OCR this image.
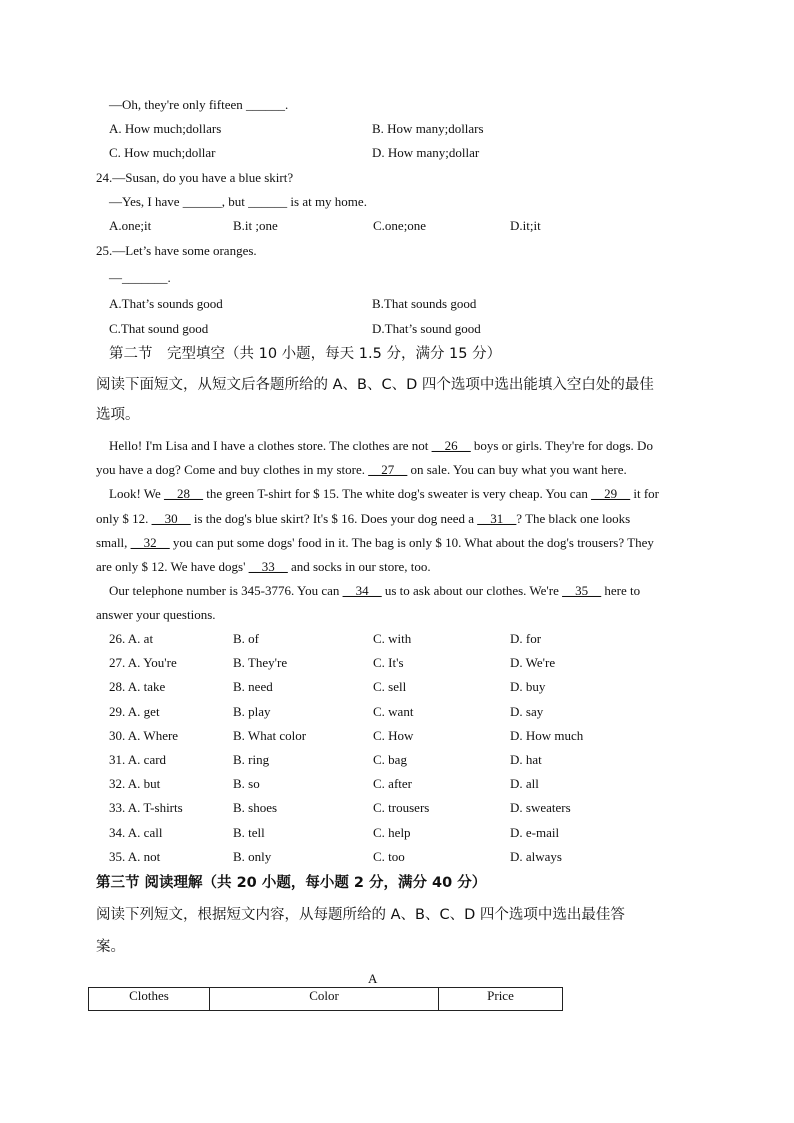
—Oh, they're only fifteen ______.
A. How much;dollars	B. How many;dollars
C. How much;dollar	D. How many;dollar
24.—Susan, do you have a blue skirt?
—Yes, I have ______, but ______ is at my home.
A.one;it	B.it ;one	C.one;one	D.it;it
25.—Let’s have some oranges.
—_______.
A.That’s sounds good	B.That sounds good
C.That sound good	D.That’s sound good
第二节　完型填空（共 10 小题，每天 1.5 分，满分 15 分）
阅读下面短文，从短文后各题所给的 A、B、C、D 四个选项中选出能填入空白处的最佳
选项。
Hello! I'm Lisa and I have a clothes store. The clothes are not __26__ boys or girls. They're for dogs. Do
you have a dog? Come and buy clothes in my store. __27__ on sale. You can buy what you want here.
Look! We __28__ the green T-shirt for $ 15. The white dog's sweater is very cheap. You can __29__ it for
only $ 12. __30__ is the dog's blue skirt? It's $ 16. Does your dog need a __31__? The black one looks
small, __32__ you can put some dogs' food in it. The bag is only $ 10. What about the dog's trousers? They
are only $ 12. We have dogs' __33__ and socks in our store, too.
Our telephone number is 345-3776. You can __34__ us to ask about our clothes. We're __35__ here to
answer your questions.
26. A. at	B. of	C. with	D. for
27. A. You're	B. They're	C. It's	D. We're
28. A. take	B. need	C. sell	D. buy
29. A. get	B. play	C. want	D. say
30. A. Where	B. What color	C. How	D. How much
31. A. card	B. ring	C. bag	D. hat
32. A. but	B. so	C. after	D. all
33. A. T-shirts	B. shoes	C. trousers	D. sweaters
34. A. call	B. tell	C. help	D. e-mail
35. A. not	B. only	C. too	D. always
第三节 阅读理解（共 20 小题，每小题 2 分，满分 40 分）
阅读下列短文，根据短文内容，从每题所给的 A、B、C、D 四个选项中选出最佳答
案。
A
Clothes	Color	Price
